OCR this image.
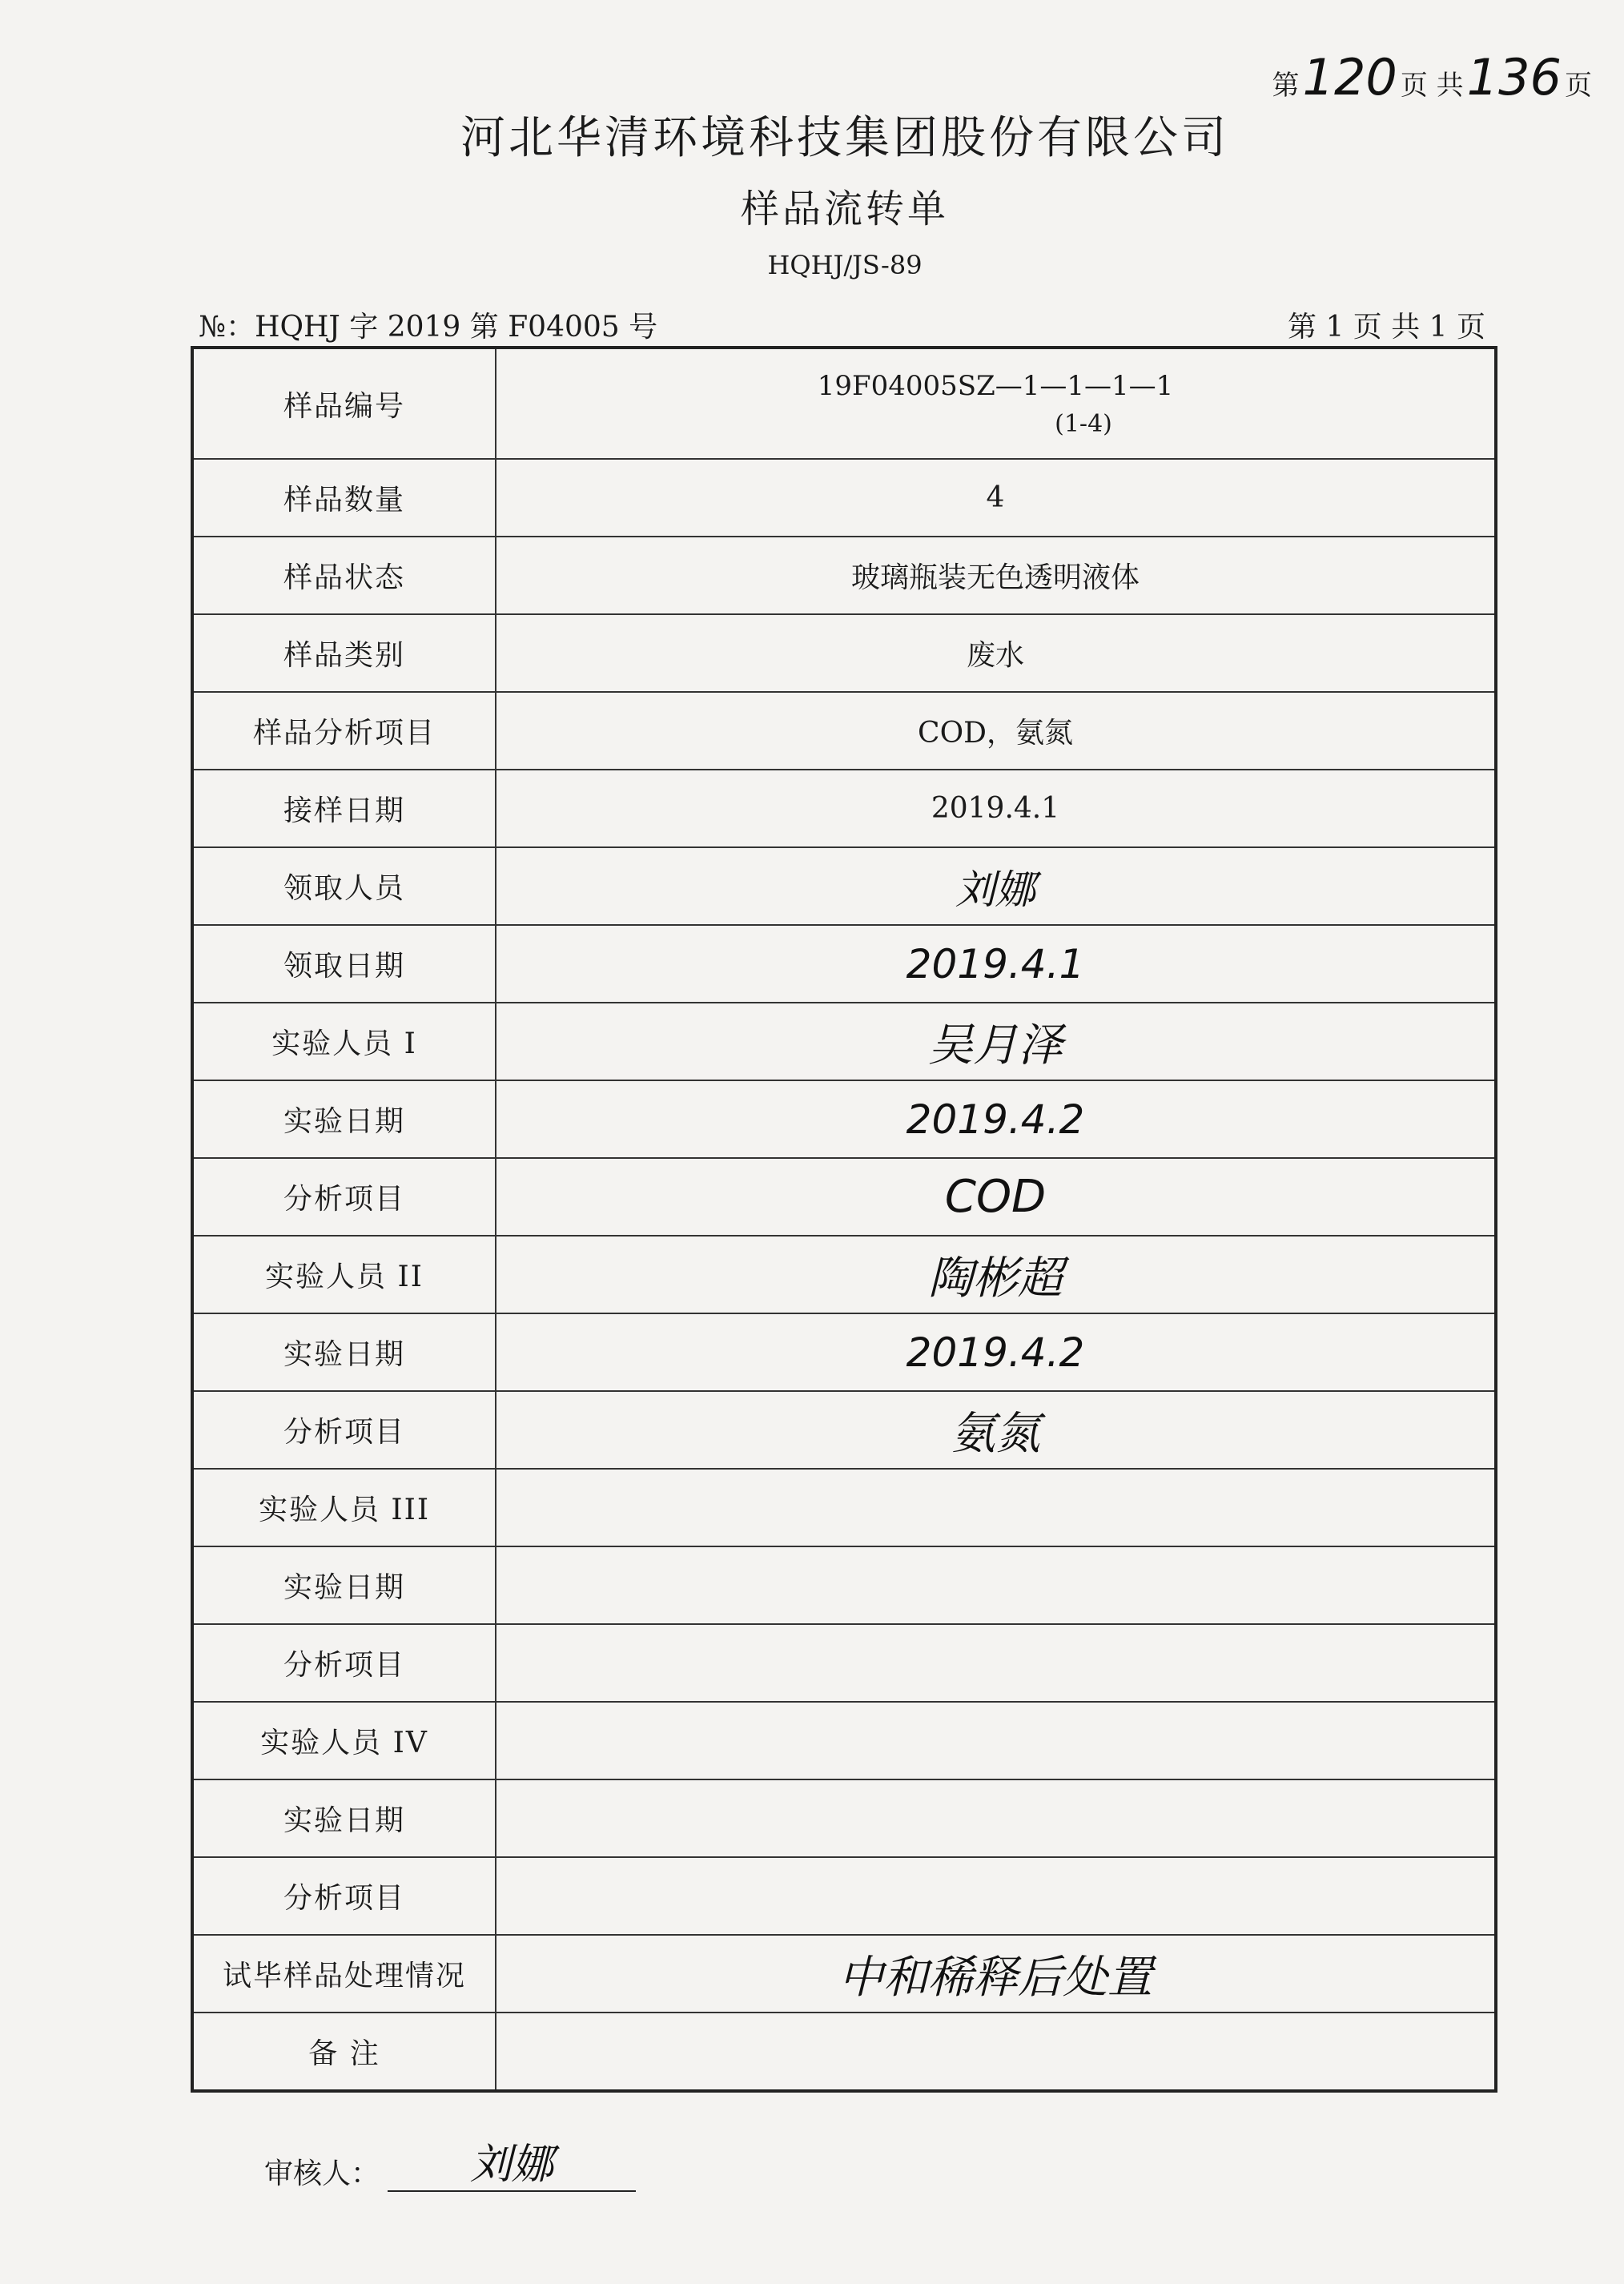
第 120 页 共 136 页
河北华清环境科技集团股份有限公司
样品流转单
HQHJ/JS-89
№：HQHJ 字 2019 第 F04005 号	第 1 页 共 1 页
样品编号	19F04005SZ—1—1—1—1
(1-4)

样品数量	4
样品状态	玻璃瓶装无色透明液体
样品类别	废水
样品分析项目	COD，氨氮
接样日期	2019.4.1
领取人员	刘娜
领取日期	2019.4.1
实验人员 I	吴月泽
实验日期	2019.4.2
分析项目	COD
实验人员 II	陶彬超
实验日期	2019.4.2
分析项目	氨氮
实验人员 III	
实验日期	
分析项目	
实验人员 IV	
实验日期	
分析项目	
试毕样品处理情况	中和稀释后处置
备 注	
审核人：	刘娜
